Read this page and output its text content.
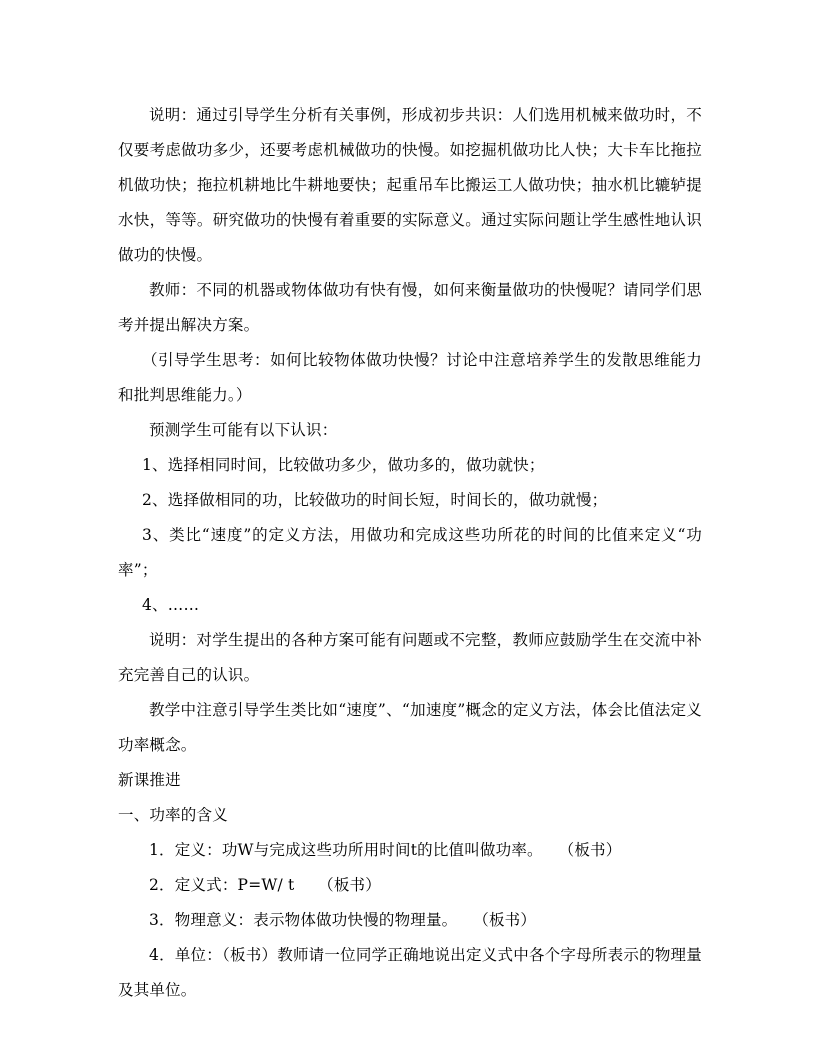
说明：通过引导学生分析有关事例，形成初步共识：人们选用机械来做功时，不仅要考虑做功多少，还要考虑机械做功的快慢。如挖掘机做功比人快；大卡车比拖拉机做功快；拖拉机耕地比牛耕地要快；起重吊车比搬运工人做功快；抽水机比辘轳提水快，等等。研究做功的快慢有着重要的实际意义。通过实际问题让学生感性地认识做功的快慢。

教师：不同的机器或物体做功有快有慢，如何来衡量做功的快慢呢？请同学们思考并提出解决方案。

（引导学生思考：如何比较物体做功快慢？讨论中注意培养学生的发散思维能力和批判思维能力。）

预测学生可能有以下认识：

1、选择相同时间，比较做功多少，做功多的，做功就快；

2、选择做相同的功，比较做功的时间长短，时间长的，做功就慢；

3、类比“速度”的定义方法，用做功和完成这些功所花的时间的比值来定义“功率”；

4、……

说明：对学生提出的各种方案可能有问题或不完整，教师应鼓励学生在交流中补充完善自己的认识。

教学中注意引导学生类比如“速度”、“加速度”概念的定义方法，体会比值法定义功率概念。

新课推进

一、功率的含义

1．定义：功W与完成这些功所用时间t的比值叫做功率。　　（板书）

2．定义式：P=W/ t　　（板书）

3．物理意义：表示物体做功快慢的物理量。　　（板书）

4．单位：（板书）教师请一位同学正确地说出定义式中各个字母所表示的物理量及其单位。
